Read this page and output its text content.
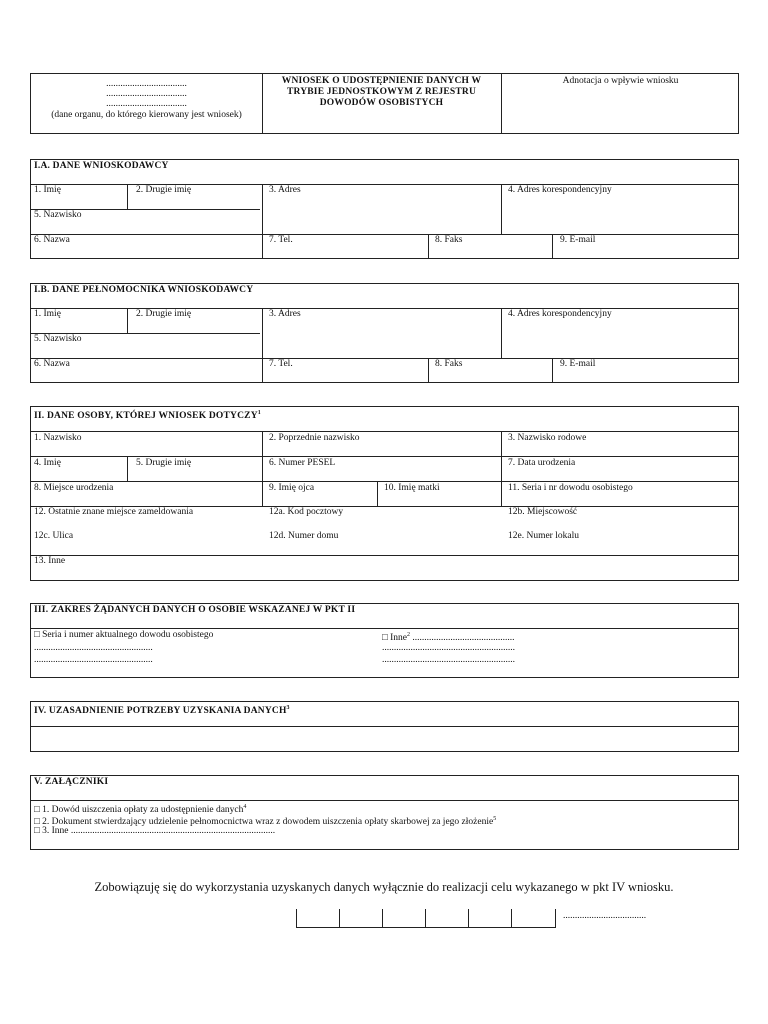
..................................
..................................
..................................
(dane organu, do którego kierowany jest wniosek)
WNIOSEK O UDOSTĘPNIENIE DANYCH W
TRYBIE JEDNOSTKOWYM Z REJESTRU
DOWODÓW OSOBISTYCH
Adnotacja o wpływie wniosku
I.A. DANE WNIOSKODAWCY
1. Imię	2. Drugie imię	3. Adres	4. Adres korespondencyjny
5. Nazwisko
6. Nazwa	7. Tel.	8. Faks	9. E-mail
I.B. DANE PEŁNOMOCNIKA WNIOSKODAWCY
1. Imię	2. Drugie imię	3. Adres	4. Adres korespondencyjny
5. Nazwisko
6. Nazwa	7. Tel.	8. Faks	9. E-mail
II. DANE OSOBY, KTÓREJ WNIOSEK DOTYCZY$^1$
1. Nazwisko	2. Poprzednie nazwisko	3. Nazwisko rodowe
4. Imię	5. Drugie imię	6. Numer PESEL	7. Data urodzenia
8. Miejsce urodzenia	9. Imię ojca	10. Imię matki	11. Seria i nr dowodu osobistego
12. Ostatnie znane miejsce zameldowania	12a. Kod pocztowy	12b. Miejscowość
12c. Ulica	12d. Numer domu	12e. Numer lokalu
13. Inne
III. ZAKRES ŻĄDANYCH DANYCH O OSOBIE WSKAZANEJ W PKT II
□ Seria i numer aktualnego dowodu osobistego	□ Inne$^2$ ...........................................
..................................................
..................................................
........................................................
........................................................
IV. UZASADNIENIE POTRZEBY UZYSKANIA DANYCH$^3$
V. ZAŁĄCZNIKI
□ 1. Dowód uiszczenia opłaty za udostępnienie danych$^4$
□ 2. Dokument stwierdzający udzielenie pełnomocnictwa wraz z dowodem uiszczenia opłaty skarbowej za jego złożenie$^5$
□ 3. Inne ......................................................................................
Zobowiązuję się do wykorzystania uzyskanych danych wyłącznie do realizacji celu wykazanego w pkt IV wniosku.
...................................
